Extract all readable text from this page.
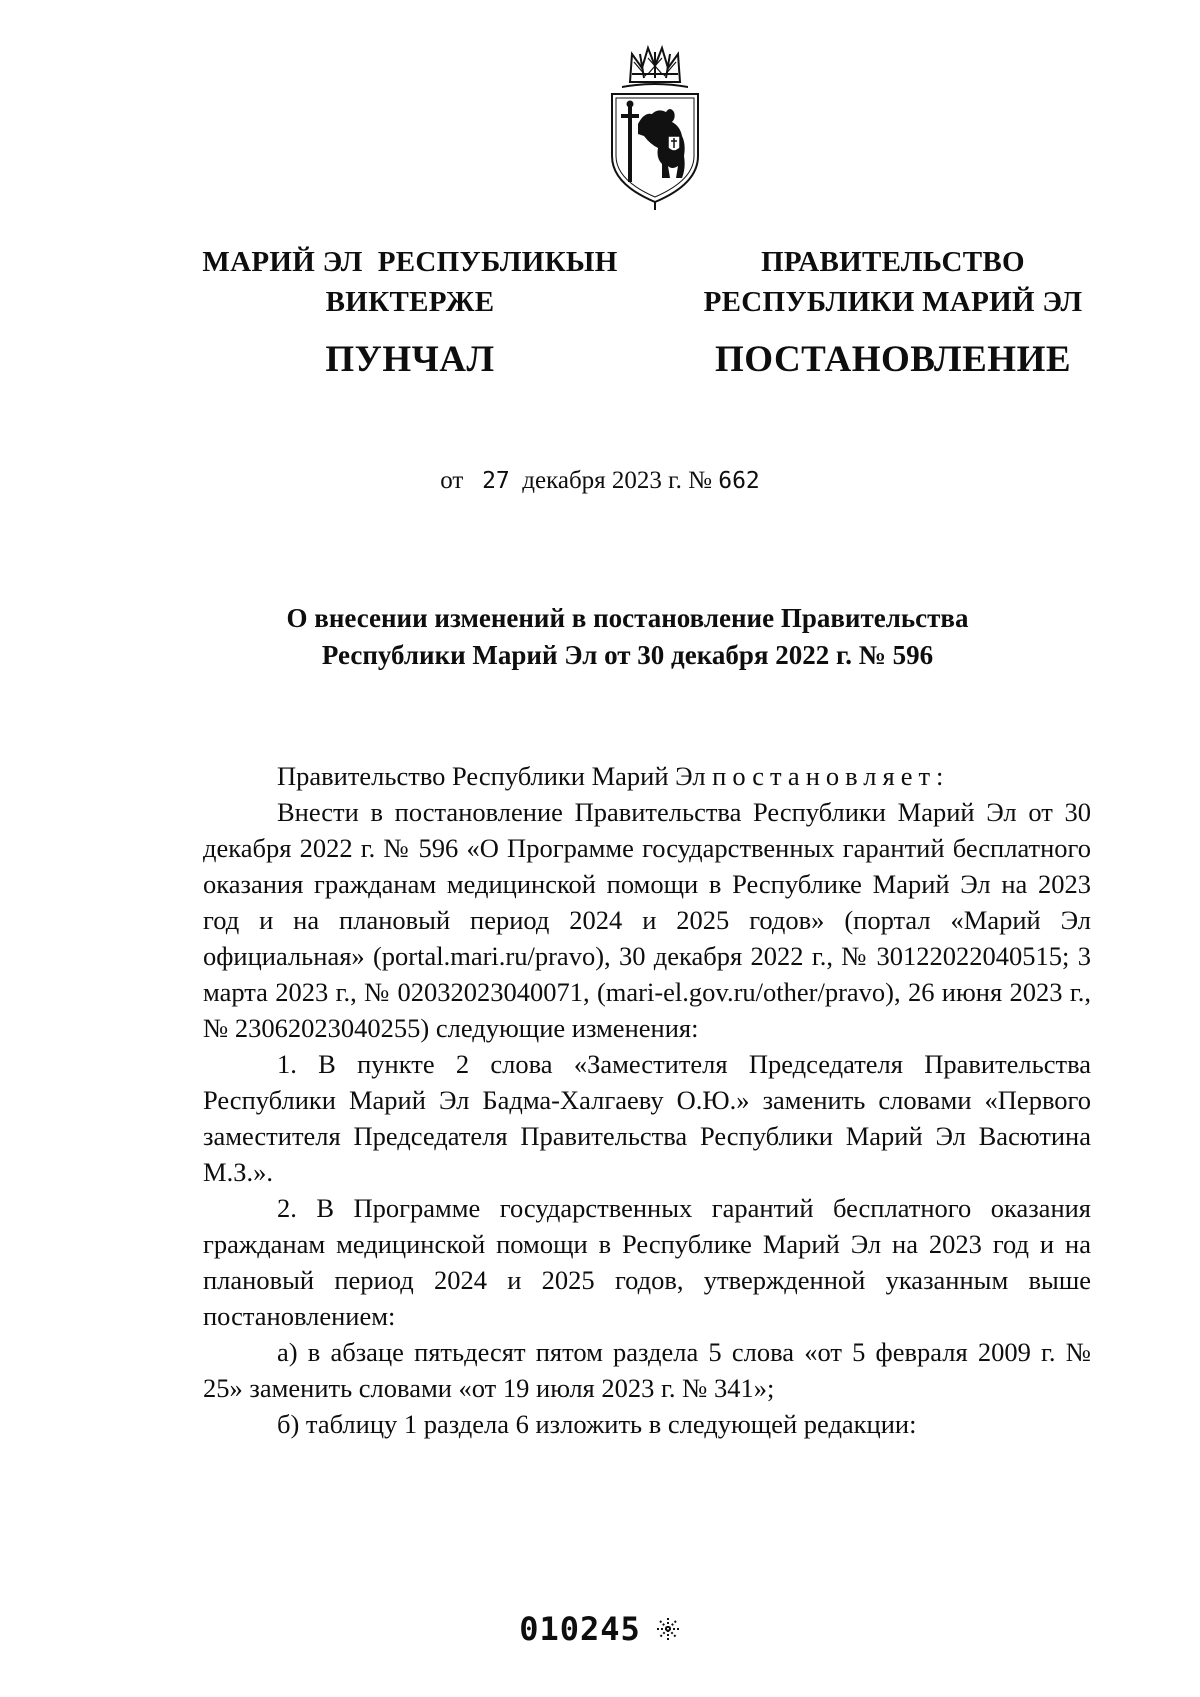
МАРИЙ ЭЛ  РЕСПУБЛИКЫН
ВИКТЕРЖЕ
ПУНЧАЛ
ПРАВИТЕЛЬСТВО
РЕСПУБЛИКИ МАРИЙ ЭЛ
ПОСТАНОВЛЕНИЕ
от 27 декабря 2023 г. № 662
О внесении изменений в постановление Правительства
Республики Марий Эл от 30 декабря 2022 г. № 596

Правительство Республики Марий Эл постановляет:

Внести в постановление Правительства Республики Марий Эл от 30 декабря 2022 г. № 596 «О Программе государственных гарантий бесплатного оказания гражданам медицинской помощи в Республике Марий Эл на 2023 год и на плановый период 2024 и 2025 годов» (портал «Марий Эл официальная» (portal.mari.ru/pravo), 30 декабря 2022 г., № 30122022040515; 3 марта 2023 г., № 02032023040071, (mari-el.gov.ru/other/pravo), 26 июня 2023 г., № 23062023040255) следующие изменения:

1. В пункте 2 слова «Заместителя Председателя Правительства Республики Марий Эл Бадма-Халгаеву О.Ю.» заменить словами «Первого заместителя Председателя Правительства Республики Марий Эл Васютина М.З.».

2. В Программе государственных гарантий бесплатного оказания гражданам медицинской помощи в Республике Марий Эл на 2023 год и на плановый период 2024 и 2025 годов, утвержденной указанным выше постановлением:

а) в абзаце пятьдесят пятом раздела 5 слова «от 5 февраля 2009 г. № 25» заменить словами «от 19 июля 2023 г. № 341»;

б) таблицу 1 раздела 6 изложить в следующей редакции:

010245
